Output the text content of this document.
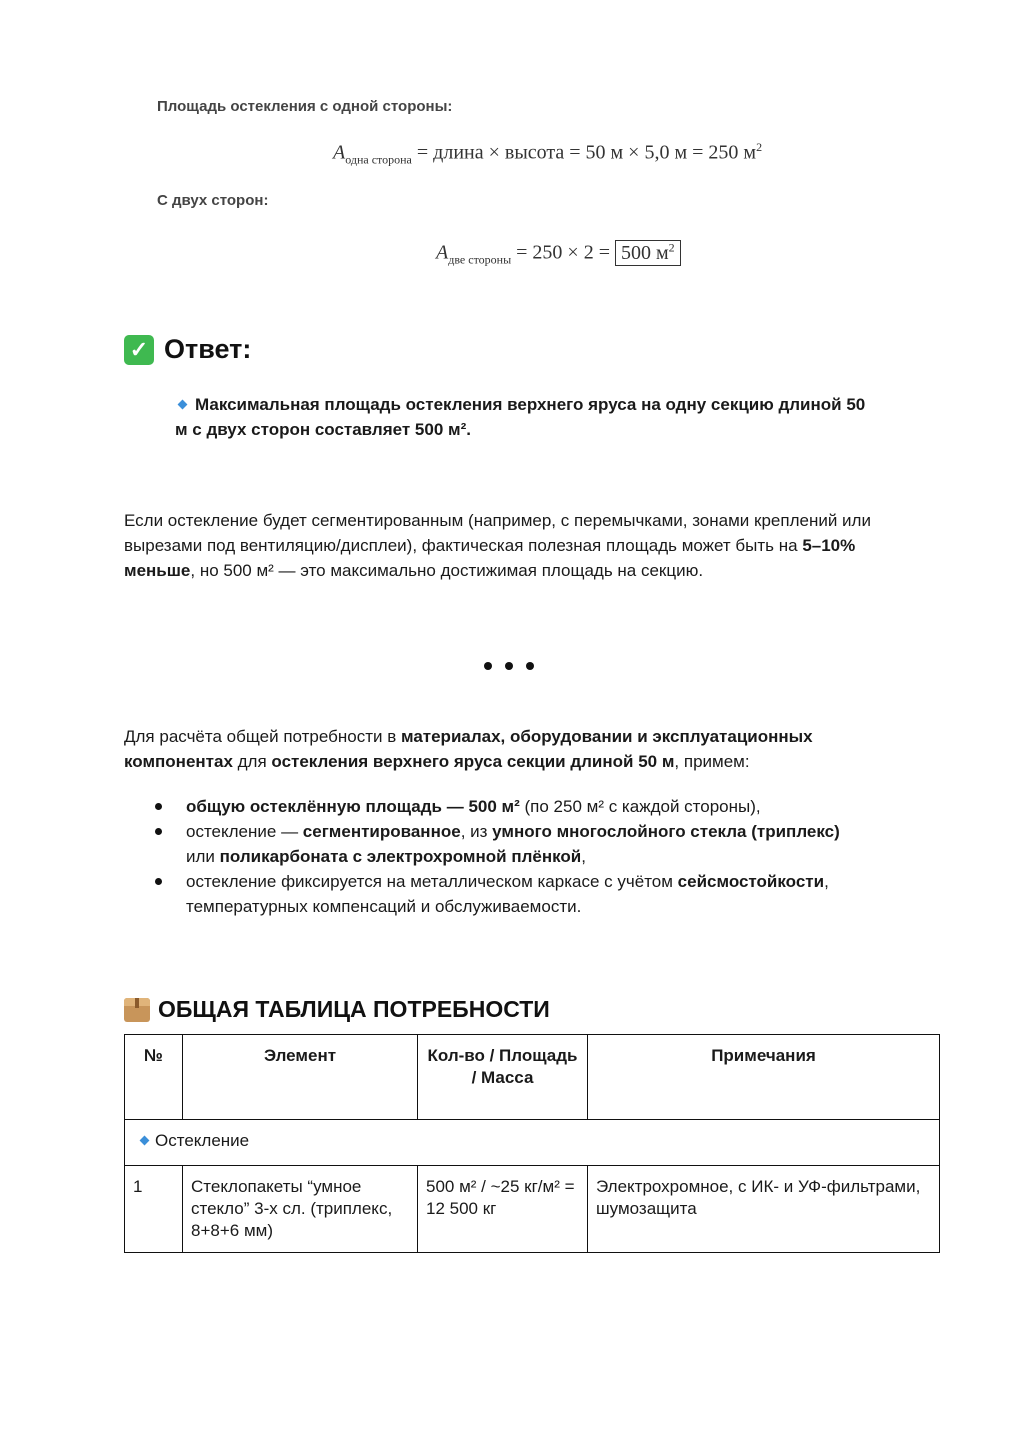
Площадь остекления с одной стороны:
$A_{одна сторона}$ = длина × высота = 50 м × 5,0 м = 250 $м^2$
С двух сторон:
$A_{две стороны} = 250 \times 2 = 500$ $м^2$
✓ Ответ:
Максимальная площадь остекления верхнего яруса на одну секцию длиной 50 м с двух сторон составляет 500 м².
Если остекление будет сегментированным (например, с перемычками, зонами креплений или вырезами под вентиляцию/дисплеи), фактическая полезная площадь может быть на 5–10% меньше, но 500 м² — это максимально достижимая площадь на секцию.
Для расчёта общей потребности в материалах, оборудовании и эксплуатационных компонентах для остекления верхнего яруса секции длиной 50 м, примем:
общую остеклённую площадь — 500 м² (по 250 м² с каждой стороны),
остекление — сегментированное, из умного многослойного стекла (триплекс) или поликарбоната с электрохромной плёнкой,
остекление фиксируется на металлическом каркасе с учётом сейсмостойкости, температурных компенсаций и обслуживаемости.
ОБЩАЯ ТАБЛИЦА ПОТРЕБНОСТИ
№	Элемент	Кол-во / Площадь / Масса	Примечания
Остекление			
1	Стеклопакеты “умное стекло” 3-х сл. (триплекс, 8+8+6 мм)	500 м² / ~25 кг/м² = 12 500 кг	Электрохромное, с ИК- и УФ-фильтрами, шумозащита
